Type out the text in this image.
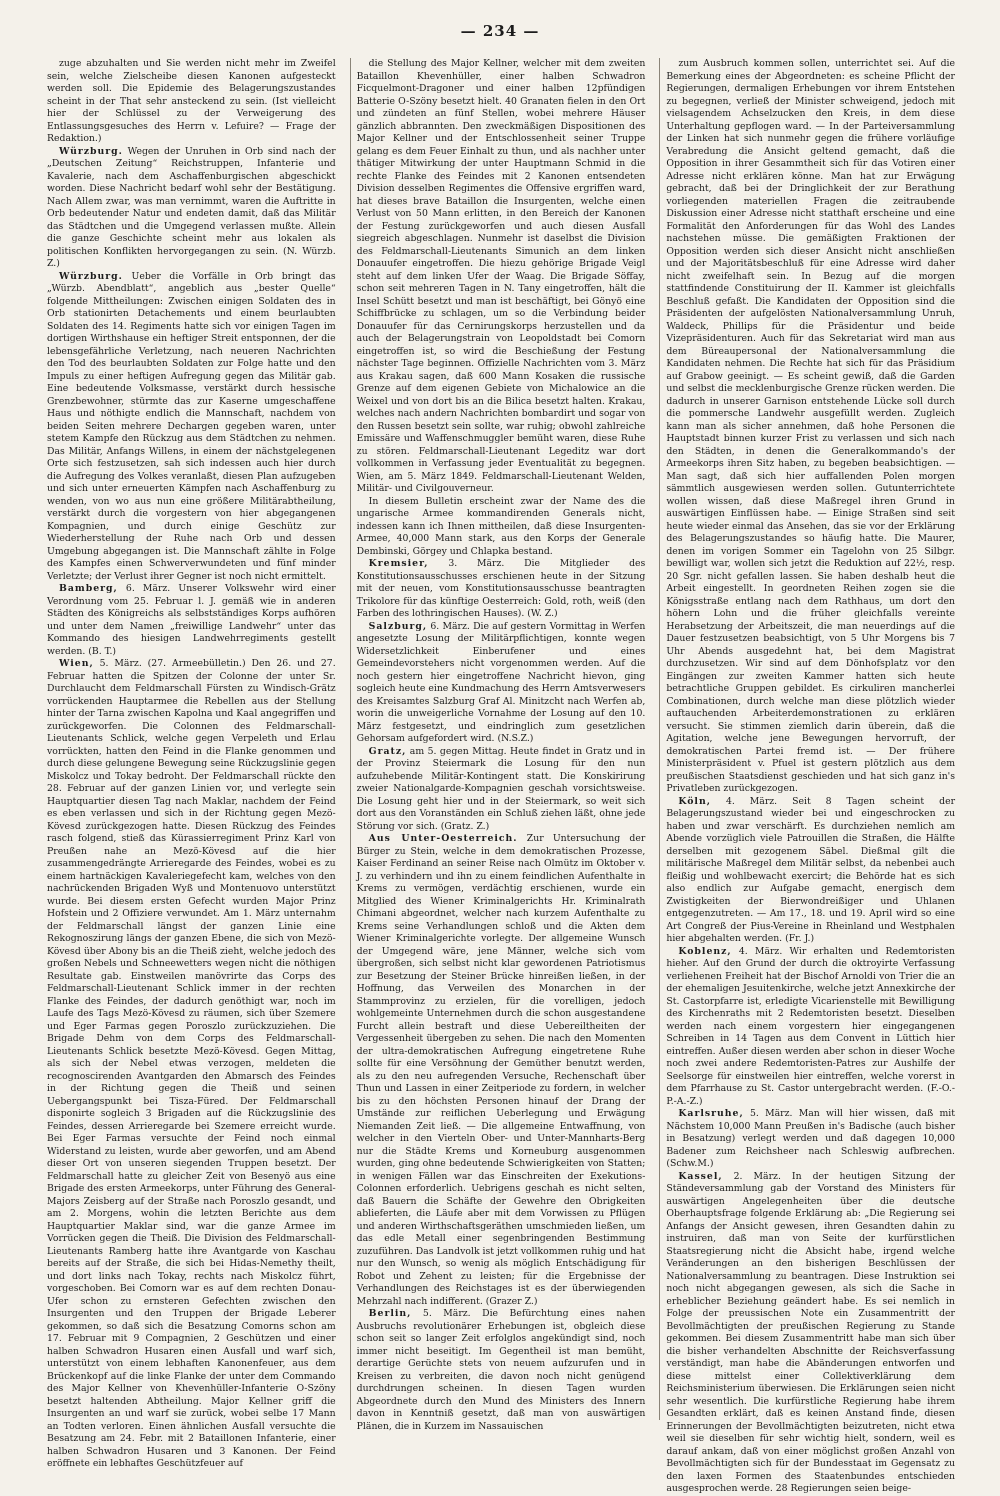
— 234 —

zuge abzuhalten und Sie werden nicht mehr im Zweifel sein, welche Zielscheibe diesen Kanonen aufgesteckt werden soll. Die Epidemie des Belagerungszustandes scheint in der That sehr ansteckend zu sein. (Ist vielleicht hier der Schlüssel zu der Verweigerung des Entlassungsgesuches des Herrn v. Lefuire? — Frage der Redaktion.)

Würzburg. Wegen der Unruhen in Orb sind nach der „Deutschen Zeitung“ Reichstruppen, Infanterie und Kavalerie, nach dem Aschaffenburgischen abgeschickt worden. Diese Nachricht bedarf wohl sehr der Bestätigung. Nach Allem zwar, was man vernimmt, waren die Auftritte in Orb bedeutender Natur und endeten damit, daß das Militär das Städtchen und die Umgegend verlassen mußte. Allein die ganze Geschichte scheint mehr aus lokalen als politischen Konflikten hervorgegangen zu sein. (N. Würzb. Z.)

Würzburg. Ueber die Vorfälle in Orb bringt das „Würzb. Abendblatt“, angeblich aus „bester Quelle“ folgende Mittheilungen: Zwischen einigen Soldaten des in Orb stationirten Detachements und einem beurlaubten Soldaten des 14. Regiments hatte sich vor einigen Tagen im dortigen Wirthshause ein heftiger Streit entsponnen, der die lebensgefährliche Verletzung, nach neueren Nachrichten den Tod des beurlaubten Soldaten zur Folge hatte und den Impuls zu einer heftigen Aufregung gegen das Militär gab. Eine bedeutende Volksmasse, verstärkt durch hessische Grenzbewohner, stürmte das zur Kaserne umgeschaffene Haus und nöthigte endlich die Mannschaft, nachdem von beiden Seiten mehrere Dechargen gegeben waren, unter stetem Kampfe den Rückzug aus dem Städtchen zu nehmen. Das Militär, Anfangs Willens, in einem der nächstgelegenen Orte sich festzusetzen, sah sich indessen auch hier durch die Aufregung des Volkes veranlaßt, diesen Plan aufzugeben und sich unter erneuerten Kämpfen nach Aschaffenburg zu wenden, von wo aus nun eine größere Militärabtheilung, verstärkt durch die vorgestern von hier abgegangenen Kompagnien, und durch einige Geschütz zur Wiederherstellung der Ruhe nach Orb und dessen Umgebung abgegangen ist. Die Mannschaft zählte in Folge des Kampfes einen Schwerverwundeten und fünf minder Verletzte; der Verlust ihrer Gegner ist noch nicht ermittelt.

Bamberg, 6. März. Unserer Volkswehr wird einer Verordnung vom 25. Februar l. J. gemäß wie in anderen Städten des Königreichs als selbstständiges Korps aufhören und unter dem Namen „freiwillige Landwehr“ unter das Kommando des hiesigen Landwehrregiments gestellt werden. (B. T.)

Wien, 5. März. (27. Armeebülletin.) Den 26. und 27. Februar hatten die Spitzen der Colonne der unter Sr. Durchlaucht dem Feldmarschall Fürsten zu Windisch-Grätz vorrückenden Hauptarmee die Rebellen aus der Stellung hinter der Tarna zwischen Kapolna und Kaal angegriffen und zurückgeworfen. Die Colonnen des Feldmarschall-Lieutenants Schlick, welche gegen Verpeleth und Erlau vorrückten, hatten den Feind in die Flanke genommen und durch diese gelungene Bewegung seine Rückzugslinie gegen Miskolcz und Tokay bedroht. Der Feldmarschall rückte den 28. Februar auf der ganzen Linien vor, und verlegte sein Hauptquartier diesen Tag nach Maklar, nachdem der Feind es eben verlassen und sich in der Richtung gegen Mezö-Kövesd zurückgezogen hatte. Diesen Rückzug des Feindes rasch folgend, stieß das Kürassierregiment Prinz Karl von Preußen nahe an Mezö-Kövesd auf die hier zusammengedrängte Arrieregarde des Feindes, wobei es zu einem hartnäckigen Kavaleriegefecht kam, welches von den nachrückenden Brigaden Wyß und Montenuovo unterstützt wurde. Bei diesem ersten Gefecht wurden Major Prinz Hofstein und 2 Offiziere verwundet. Am 1. März unternahm der Feldmarschall längst der ganzen Linie eine Rekognoszirung längs der ganzen Ebene, die sich von Mezö-Kövesd über Abony bis an die Theiß zieht, welche jedoch des großen Nebels und Schneewetters wegen nicht die nöthigen Resultate gab. Einstweilen manövrirte das Corps des Feldmarschall-Lieutenant Schlick immer in der rechten Flanke des Feindes, der dadurch genöthigt war, noch im Laufe des Tags Mezö-Kövesd zu räumen, sich über Szemere und Eger Farmas gegen Poroszlo zurückzuziehen. Die Brigade Dehm von dem Corps des Feldmarschall-Lieutenants Schlick besetzte Mezö-Kövesd. Gegen Mittag, als sich der Nebel etwas verzogen, meldeten die recognoscirenden Avantgarden den Abmarsch des Feindes in der Richtung gegen die Theiß und seinen Uebergangspunkt bei Tisza-Füred. Der Feldmarschall disponirte sogleich 3 Brigaden auf die Rückzugslinie des Feindes, dessen Arrieregarde bei Szemere erreicht wurde. Bei Eger Farmas versuchte der Feind noch einmal Widerstand zu leisten, wurde aber geworfen, und am Abend dieser Ort von unseren siegenden Truppen besetzt. Der Feldmarschall hatte zu gleicher Zeit von Besenyö aus eine Brigade des ersten Armeekorps, unter Führung des General-Majors Zeisberg auf der Straße nach Poroszlo gesandt, und am 2. Morgens, wohin die letzten Berichte aus dem Hauptquartier Maklar sind, war die ganze Armee im Vorrücken gegen die Theiß. Die Division des Feldmarschall-Lieutenants Ramberg hatte ihre Avantgarde von Kaschau bereits auf der Straße, die sich bei Hidas-Nemethy theilt, und dort links nach Tokay, rechts nach Miskolcz führt, vorgeschoben. Bei Comorn war es auf dem rechten Donau-Ufer schon zu ernsteren Gefechten zwischen den Insurgenten und den Truppen der Brigade Leberer gekommen, so daß sich die Besatzung Comorns schon am 17. Februar mit 9 Compagnien, 2 Geschützen und einer halben Schwadron Husaren einen Ausfall und warf sich, unterstützt von einem lebhaften Kanonenfeuer, aus dem Brückenkopf auf die linke Flanke der unter dem Commando des Major Kellner von Khevenhüller-Infanterie O-Szöny besetzt haltenden Abtheilung. Major Kellner griff die Insurgenten an und warf sie zurück, wobei selbe 17 Mann an Todten verloren. Einen ähnlichen Ausfall versuchte die Besatzung am 24. Febr. mit 2 Bataillonen Infanterie, einer halben Schwadron Husaren und 3 Kanonen. Der Feind eröffnete ein lebhaftes Geschützfeuer auf

die Stellung des Major Kellner, welcher mit dem zweiten Bataillon Khevenhüller, einer halben Schwadron Ficquelmont-Dragoner und einer halben 12pfündigen Batterie O-Szöny besetzt hielt. 40 Granaten fielen in den Ort und zündeten an fünf Stellen, wobei mehrere Häuser gänzlich abbrannten. Den zweckmäßigen Dispositionen des Major Kellner und der Entschlossenheit seiner Truppe gelang es dem Feuer Einhalt zu thun, und als nachher unter thätiger Mitwirkung der unter Hauptmann Schmid in die rechte Flanke des Feindes mit 2 Kanonen entsendeten Division desselben Regimentes die Offensive ergriffen ward, hat dieses brave Bataillon die Insurgenten, welche einen Verlust von 50 Mann erlitten, in den Bereich der Kanonen der Festung zurückgeworfen und auch diesen Ausfall siegreich abgeschlagen. Nunmehr ist daselbst die Division des Feldmarschall-Lieutenants Simunich an dem linken Donauufer eingetroffen. Die hiezu gehörige Brigade Veigl steht auf dem linken Ufer der Waag. Die Brigade Söffay, schon seit mehreren Tagen in N. Tany eingetroffen, hält die Insel Schütt besetzt und man ist beschäftigt, bei Gönyö eine Schiffbrücke zu schlagen, um so die Verbindung beider Donauufer für das Cernirungskorps herzustellen und da auch der Belagerungstrain von Leopoldstadt bei Comorn eingetroffen ist, so wird die Beschießung der Festung nächster Tage beginnen. Offizielle Nachrichten vom 3. März aus Krakau sagen, daß 600 Mann Kosaken die russische Grenze auf dem eigenen Gebiete von Michalowice an die Weixel und von dort bis an die Bilica besetzt halten. Krakau, welches nach andern Nachrichten bombardirt und sogar von den Russen besetzt sein sollte, war ruhig; obwohl zahlreiche Emissäre und Waffenschmuggler bemüht waren, diese Ruhe zu stören. Feldmarschall-Lieutenant Legeditz war dort vollkommen in Verfassung jeder Eventualität zu begegnen. Wien, am 5. März 1849. Feldmarschall-Lieutenant Welden, Militär- und Civilgouverneur.

In diesem Bulletin erscheint zwar der Name des die ungarische Armee kommandirenden Generals nicht, indessen kann ich Ihnen mittheilen, daß diese Insurgenten-Armee, 40,000 Mann stark, aus den Korps der Generale Dembinski, Görgey und Chlapka bestand.

Kremsier, 3. März. Die Mitglieder des Konstitutionsausschusses erschienen heute in der Sitzung mit der neuen, vom Konstitutionsausschusse beantragten Trikolore für das künftige Oesterreich: Gold, roth, weiß (den Farben des lothringischen Hauses). (W. Z.)

Salzburg, 6. März. Die auf gestern Vormittag in Werfen angesetzte Losung der Militärpflichtigen, konnte wegen Widersetzlichkeit Einberufener und eines Gemeindevorstehers nicht vorgenommen werden. Auf die noch gestern hier eingetroffene Nachricht hievon, ging sogleich heute eine Kundmachung des Herrn Amtsverwesers des Kreisamtes Salzburg Graf Al. Minitzcht nach Werfen ab, worin die unweigerliche Vornahme der Losung auf den 10. März festgesetzt, und eindringlich zum gesetzlichen Gehorsam aufgefordert wird. (N.S.Z.)

Gratz, am 5. gegen Mittag. Heute findet in Gratz und in der Provinz Steiermark die Losung für den nun aufzuhebende Militär-Kontingent statt. Die Konskirirung zweier Nationalgarde-Kompagnien geschah vorsichtsweise. Die Losung geht hier und in der Steiermark, so weit sich dort aus den Voranständen ein Schluß ziehen läßt, ohne jede Störung vor sich. (Gratz. Z.)

Aus Unter-Oesterreich. Zur Untersuchung der Bürger zu Stein, welche in dem demokratischen Prozesse, Kaiser Ferdinand an seiner Reise nach Olmütz im Oktober v. J. zu verhindern und ihn zu einem feindlichen Aufenthalte in Krems zu vermögen, verdächtig erschienen, wurde ein Mitglied des Wiener Kriminalgerichts Hr. Kriminalrath Chimani abgeordnet, welcher nach kurzem Aufenthalte zu Krems seine Verhandlungen schloß und die Akten dem Wiener Kriminalgerichte vorlegte. Der allgemeine Wunsch der Umgegend wäre, jene Männer, welche sich vom übergroßen, sich selbst nicht klar gewordenen Patriotismus zur Besetzung der Steiner Brücke hinreißen ließen, in der Hoffnung, das Verweilen des Monarchen in der Stammprovinz zu erzielen, für die vorelligen, jedoch wohlgemeinte Unternehmen durch die schon ausgestandene Furcht allein bestraft und diese Uebereiltheiten der Vergessenheit übergeben zu sehen. Die nach den Momenten der ultra-demokratischen Aufregung eingetretene Ruhe sollte für eine Versöhnung der Gemüther benutzt werden, als zu den neu aufregenden Versuche, Rechenschaft über Thun und Lassen in einer Zeitperiode zu fordern, in welcher bis zu den höchsten Personen hinauf der Drang der Umstände zur reiflichen Ueberlegung und Erwägung Niemanden Zeit ließ. — Die allgemeine Entwaffnung, von welcher in den Vierteln Ober- und Unter-Mannharts-Berg nur die Städte Krems und Korneuburg ausgenommen wurden, ging ohne bedeutende Schwierigkeiten von Statten; in wenigen Fällen war das Einschreiten der Exekutions-Colonnen erforderlich. Uebrigens geschah es nicht selten, daß Bauern die Schäfte der Gewehre den Obrigkeiten ablieferten, die Läufe aber mit dem Vorwissen zu Pflügen und anderen Wirthschaftsgeräthen umschmieden ließen, um das edle Metall einer segenbringenden Bestimmung zuzuführen. Das Landvolk ist jetzt vollkommen ruhig und hat nur den Wunsch, so wenig als möglich Entschädigung für Robot und Zehent zu leisten; für die Ergebnisse der Verhandlungen des Reichstages ist es der überwiegenden Mehrzahl nach indifferent. (Grazer Z.)

Berlin, 5. März. Die Befürchtung eines nahen Ausbruchs revolutionärer Erhebungen ist, obgleich diese schon seit so langer Zeit erfolglos angekündigt sind, noch immer nicht beseitigt. Im Gegentheil ist man bemüht, derartige Gerüchte stets von neuem aufzurufen und in Kreisen zu verbreiten, die davon noch nicht genügend durchdrungen scheinen. In diesen Tagen wurden Abgeordnete durch den Mund des Ministers des Innern davon in Kenntniß gesetzt, daß man von auswärtigen Plänen, die in Kurzem im Nassauischen

zum Ausbruch kommen sollen, unterrichtet sei. Auf die Bemerkung eines der Abgeordneten: es scheine Pflicht der Regierungen, dermaligen Erhebungen vor ihrem Entstehen zu begegnen, verließ der Minister schweigend, jedoch mit vielsagendem Achselzucken den Kreis, in dem diese Unterhaltung gepflogen ward. — In der Parteiversammlung der Linken hat sich nunmehr gegen die frühere vorläufige Verabredung die Ansicht geltend gemacht, daß die Opposition in ihrer Gesammtheit sich für das Votiren einer Adresse nicht erklären könne. Man hat zur Erwägung gebracht, daß bei der Dringlichkeit der zur Berathung vorliegenden materiellen Fragen die zeitraubende Diskussion einer Adresse nicht statthaft erscheine und eine Formalität den Anforderungen für das Wohl des Landes nachstehen müsse. Die gemäßigten Fraktionen der Opposition werden sich dieser Ansicht nicht anschließen und der Majoritätsbeschluß für eine Adresse wird daher nicht zweifelhaft sein. In Bezug auf die morgen stattfindende Constituirung der II. Kammer ist gleichfalls Beschluß gefaßt. Die Kandidaten der Opposition sind die Präsidenten der aufgelösten Nationalversammlung Unruh, Waldeck, Phillips für die Präsidentur und beide Vizepräsidenturen. Auch für das Sekretariat wird man aus dem Büreaupersonal der Nationalversammlung die Kandidaten nehmen. Die Rechte hat sich für das Präsidium auf Grabow geeinigt. — Es scheint gewiß, daß die Garden und selbst die mecklenburgische Grenze rücken werden. Die dadurch in unserer Garnison entstehende Lücke soll durch die pommersche Landwehr ausgefüllt werden. Zugleich kann man als sicher annehmen, daß hohe Personen die Hauptstadt binnen kurzer Frist zu verlassen und sich nach den Städten, in denen die Generalkommando's der Armeekorps ihren Sitz haben, zu begeben beabsichtigen. — Man sagt, daß sich hier auffallenden Polen morgen sämmtlich ausgewiesen werden sollen. Gutunterrichtete wollen wissen, daß diese Maßregel ihren Grund in auswärtigen Einflüssen habe. — Einige Straßen sind seit heute wieder einmal das Ansehen, das sie vor der Erklärung des Belagerungszustandes so häufig hatte. Die Maurer, denen im vorigen Sommer ein Tagelohn von 25 Silbgr. bewilligt war, wollen sich jetzt die Reduktion auf 22½, resp. 20 Sgr. nicht gefallen lassen. Sie haben deshalb heut die Arbeit eingestellt. In geordneten Reihen zogen sie die Königsstraße entlang nach dem Rathhaus, um dort den höhern Lohn und die früher gleichfalls vereinte Herabsetzung der Arbeitszeit, die man neuerdings auf die Dauer festzusetzen beabsichtigt, von 5 Uhr Morgens bis 7 Uhr Abends ausgedehnt hat, bei dem Magistrat durchzusetzen. Wir sind auf dem Dönhofsplatz vor den Eingängen zur zweiten Kammer hatten sich heute betrachtliche Gruppen gebildet. Es cirkuliren mancherlei Combinationen, durch welche man diese plötzlich wieder auftauchenden Arbeiterdemonstrationen zu erklären versucht. Sie stimmen ziemlich darin überein, daß die Agitation, welche jene Bewegungen hervorruft, der demokratischen Partei fremd ist. — Der frühere Ministerpräsident v. Pfuel ist gestern plötzlich aus dem preußischen Staatsdienst geschieden und hat sich ganz in's Privatleben zurückgezogen.

Köln, 4. März. Seit 8 Tagen scheint der Belagerungszustand wieder bei und eingeschrocken zu haben und zwar verschärft. Es durchziehen nemlich am Abende vorzüglich viele Patrouillen die Straßen, die Hälfte derselben mit gezogenem Säbel. Dießmal gilt die militärische Maßregel dem Militär selbst, da nebenbei auch fleißig und wohlbewacht exercirt; die Behörde hat es sich also endlich zur Aufgabe gemacht, energisch dem Zwistigkeiten der Bierwondreißiger und Uhlanen entgegenzutreten. — Am 17., 18. und 19. April wird so eine Art Congreß der Pius-Vereine in Rheinland und Westphalen hier abgehalten werden. (Fr. J.)

Koblenz, 4. März. Wir erhalten und Redemtoristen hieher. Auf den Grund der durch die oktroyirte Verfassung verliehenen Freiheit hat der Bischof Arnoldi von Trier die an der ehemaligen Jesuitenkirche, welche jetzt Annexkirche der St. Castorpfarre ist, erledigte Vicarienstelle mit Bewilligung des Kirchenraths mit 2 Redemtoristen besetzt. Dieselben werden nach einem vorgestern hier eingegangenen Schreiben in 14 Tagen aus dem Convent in Lüttich hier eintreffen. Außer diesen werden aber schon in dieser Woche noch zwei andere Redemtoristen-Patres zur Aushilfe der Seelsorge für einstweilen hier eintreffen, welche vorerst in dem Pfarrhause zu St. Castor untergebracht werden. (F.-O.-P.-A.-Z.)

Karlsruhe, 5. März. Man will hier wissen, daß mit Nächstem 10,000 Mann Preußen in's Badische (auch bisher in Besatzung) verlegt werden und daß dagegen 10,000 Badener zum Reichsheer nach Schleswig aufbrechen. (Schw.M.)

Kassel, 2. März. In der heutigen Sitzung der Ständeversammlung gab der Vorstand des Ministers für auswärtigen Angelegenheiten über die deutsche Oberhauptsfrage folgende Erklärung ab: „Die Regierung sei Anfangs der Ansicht gewesen, ihren Gesandten dahin zu instruiren, daß man von Seite der kurfürstlichen Staatsregierung nicht die Absicht habe, irgend welche Veränderungen an den bisherigen Beschlüssen der Nationalversammlung zu beantragen. Diese Instruktion sei noch nicht abgegangen gewesen, als sich die Sache in erheblicher Beziehung geändert habe. Es sei nemlich in Folge der preussischen Note ein Zusammentritt der Bevollmächtigten der preußischen Regierung zu Stande gekommen. Bei diesem Zusammentritt habe man sich über die bisher verhandelten Abschnitte der Reichsverfassung verständigt, man habe die Abänderungen entworfen und diese mittelst einer Collektiverklärung dem Reichsministerium überwiesen. Die Erklärungen seien nicht sehr wesentlich. Die kurfürstliche Regierung habe ihrem Gesandten erklärt, daß es keinen Anstand finde, diesen Erinnerungen der Bevollmächtigten beizutreten, nicht etwa weil sie dieselben für sehr wichtig hielt, sondern, weil es darauf ankam, daß von einer möglichst großen Anzahl von Bevollmächtigten sich für der Bundesstaat im Gegensatz zu den laxen Formen des Staatenbundes entschieden ausgesprochen werde. 28 Regierungen seien beige-
